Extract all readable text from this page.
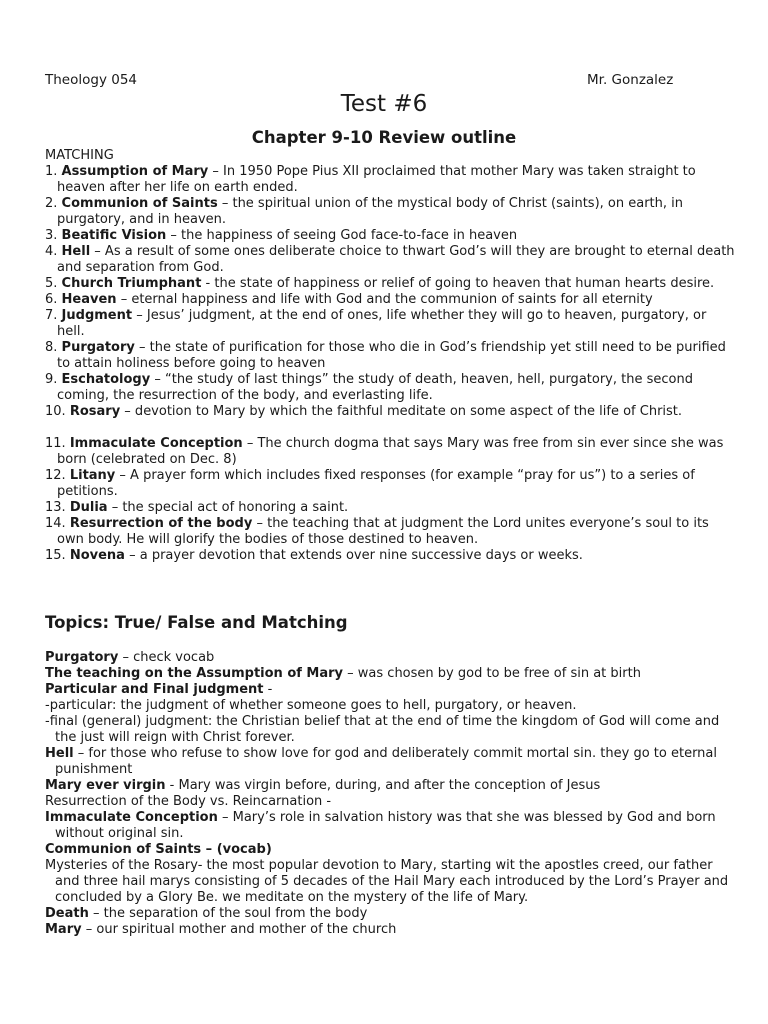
Theology 054	Mr. Gonzalez
Test #6
Chapter 9-10 Review outline
MATCHING
1. Assumption of Mary – In 1950 Pope Pius XII proclaimed that mother Mary was taken straight to heaven after her life on earth ended.
2. Communion of Saints – the spiritual union of the mystical body of Christ (saints), on earth, in purgatory, and in heaven.
3. Beatific Vision – the happiness of seeing God face-to-face in heaven
4. Hell – As a result of some ones deliberate choice to thwart God’s will they are brought to eternal death and separation from God.
5. Church Triumphant - the state of happiness or relief of going to heaven that human hearts desire.
6. Heaven – eternal happiness and life with God and the communion of saints for all eternity
7. Judgment – Jesus’ judgment, at the end of ones, life whether they will go to heaven, purgatory, or hell.
8. Purgatory – the state of purification for those who die in God’s friendship yet still need to be purified to attain holiness before going to heaven
9. Eschatology – “the study of last things” the study of death, heaven, hell, purgatory, the second coming, the resurrection of the body, and everlasting life.
10. Rosary – devotion to Mary by which the faithful meditate on some aspect of the life of Christ.
11. Immaculate Conception – The church dogma that says Mary was free from sin ever since she was born (celebrated on Dec. 8)
12. Litany – A prayer form which includes fixed responses (for example “pray for us”) to a series of petitions.
13. Dulia – the special act of honoring a saint.
14. Resurrection of the body – the teaching that at judgment the Lord unites everyone’s soul to its own body. He will glorify the bodies of those destined to heaven.
15. Novena – a prayer devotion that extends over nine successive days or weeks.
Topics: True/ False and Matching
Purgatory – check vocab
The teaching on the Assumption of Mary – was chosen by god to be free of sin at birth
Particular and Final judgment -
-particular: the judgment of whether someone goes to hell, purgatory, or heaven.
-final (general) judgment: the Christian belief that at the end of time the kingdom of God will come and the just will reign with Christ forever.
Hell – for those who refuse to show love for god and deliberately commit mortal sin. they go to eternal punishment
Mary ever virgin - Mary was virgin before, during, and after the conception of Jesus
Resurrection of the Body vs. Reincarnation -
Immaculate Conception – Mary’s role in salvation history was that she was blessed by God and born without original sin.
Communion of Saints – (vocab)
Mysteries of the Rosary- the most popular devotion to Mary, starting wit the apostles creed, our father and three hail marys consisting of 5 decades of the Hail Mary each introduced by the Lord’s Prayer and concluded by a Glory Be. we meditate on the mystery of the life of Mary.
Death – the separation of the soul from the body
Mary – our spiritual mother and mother of the church
